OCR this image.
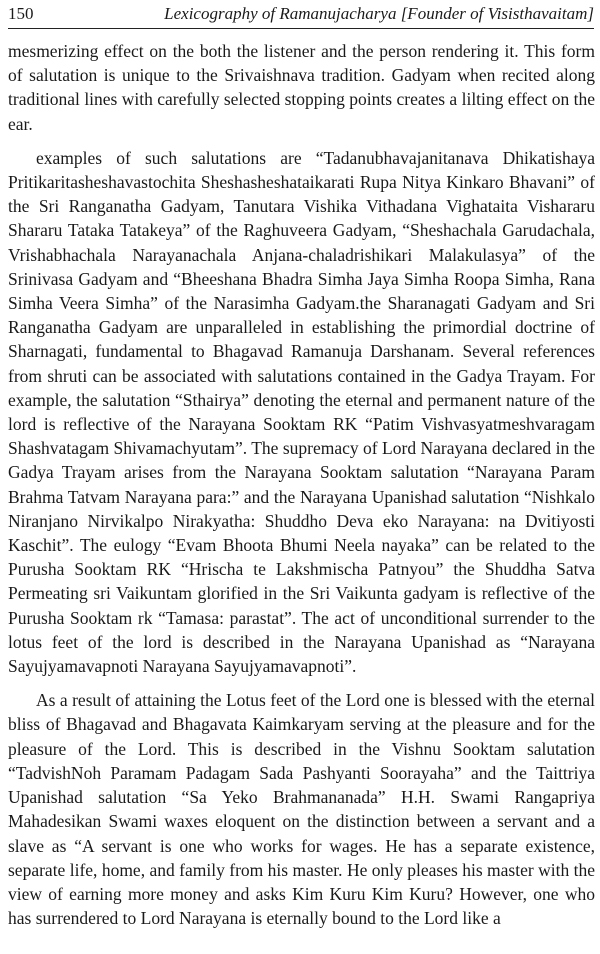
150	Lexicography of Ramanujacharya [Founder of Visisthavaitam]

mesmerizing effect on the both the listener and the person rendering it. This form of salutation is unique to the Srivaishnava tradition. Gadyam when recited along traditional lines with carefully selected stopping points creates a lilting effect on the ear.

examples of such salutations are “Tadanubhavajanitanava Dhikatishaya Pritikaritasheshavastochita Sheshasheshataikarati Rupa Nitya Kinkaro Bhavani” of the Sri Ranganatha Gadyam, Tanutara Vishika Vithadana Vighataita Vishararu Shararu Tataka Tatakeya” of the Raghuveera Gadyam, “Sheshachala Garudachala, Vrishabhachala Narayanachala Anjana-chaladrishikari Malakulasya” of the Srinivasa Gadyam and “Bheeshana Bhadra Simha Jaya Simha Roopa Simha, Rana Simha Veera Simha” of the Narasimha Gadyam.the Sharanagati Gadyam and Sri Ranganatha Gadyam are unparalleled in establishing the primordial doctrine of Sharnagati, fundamental to Bhagavad Ramanuja Darshanam. Several references from shruti can be associated with salutations contained in the Gadya Trayam. For example, the salutation “Sthairya” denoting the eternal and permanent nature of the lord is reflective of the Narayana Sooktam RK “Patim Vishvasyatmeshvaragam Shashvatagam Shivamachyutam”. The supremacy of Lord Narayana declared in the Gadya Trayam arises from the Narayana Sooktam salutation “Narayana Param Brahma Tatvam Narayana para:” and the Narayana Upanishad salutation “Nishkalo Niranjano Nirvikalpo Nirakyatha: Shuddho Deva eko Narayana: na Dvitiyosti Kaschit”. The eulogy “Evam Bhoota Bhumi Neela nayaka” can be related to the Purusha Sooktam RK “Hrischa te Lakshmischa Patnyou” the Shuddha Satva Permeating sri Vaikuntam glorified in the Sri Vaikunta gadyam is reflective of the Purusha Sooktam rk “Tamasa: parastat”. The act of unconditional surrender to the lotus feet of the lord is described in the Narayana Upanishad as “Narayana Sayujyamavapnoti Narayana Sayujyamavapnoti”.

As a result of attaining the Lotus feet of the Lord one is blessed with the eternal bliss of Bhagavad and Bhagavata Kaimkaryam serving at the pleasure and for the pleasure of the Lord. This is described in the Vishnu Sooktam salutation “TadvishNoh Paramam Padagam Sada Pashyanti Soorayaha” and the Taittriya Upanishad salutation “Sa Yeko Brahmananada” H.H. Swami Rangapriya Mahadesikan Swami waxes eloquent on the distinction between a servant and a slave as “A servant is one who works for wages. He has a separate existence, separate life, home, and family from his master. He only pleases his master with the view of earning more money and asks Kim Kuru Kim Kuru? However, one who has surrendered to Lord Narayana is eternally bound to the Lord like a
